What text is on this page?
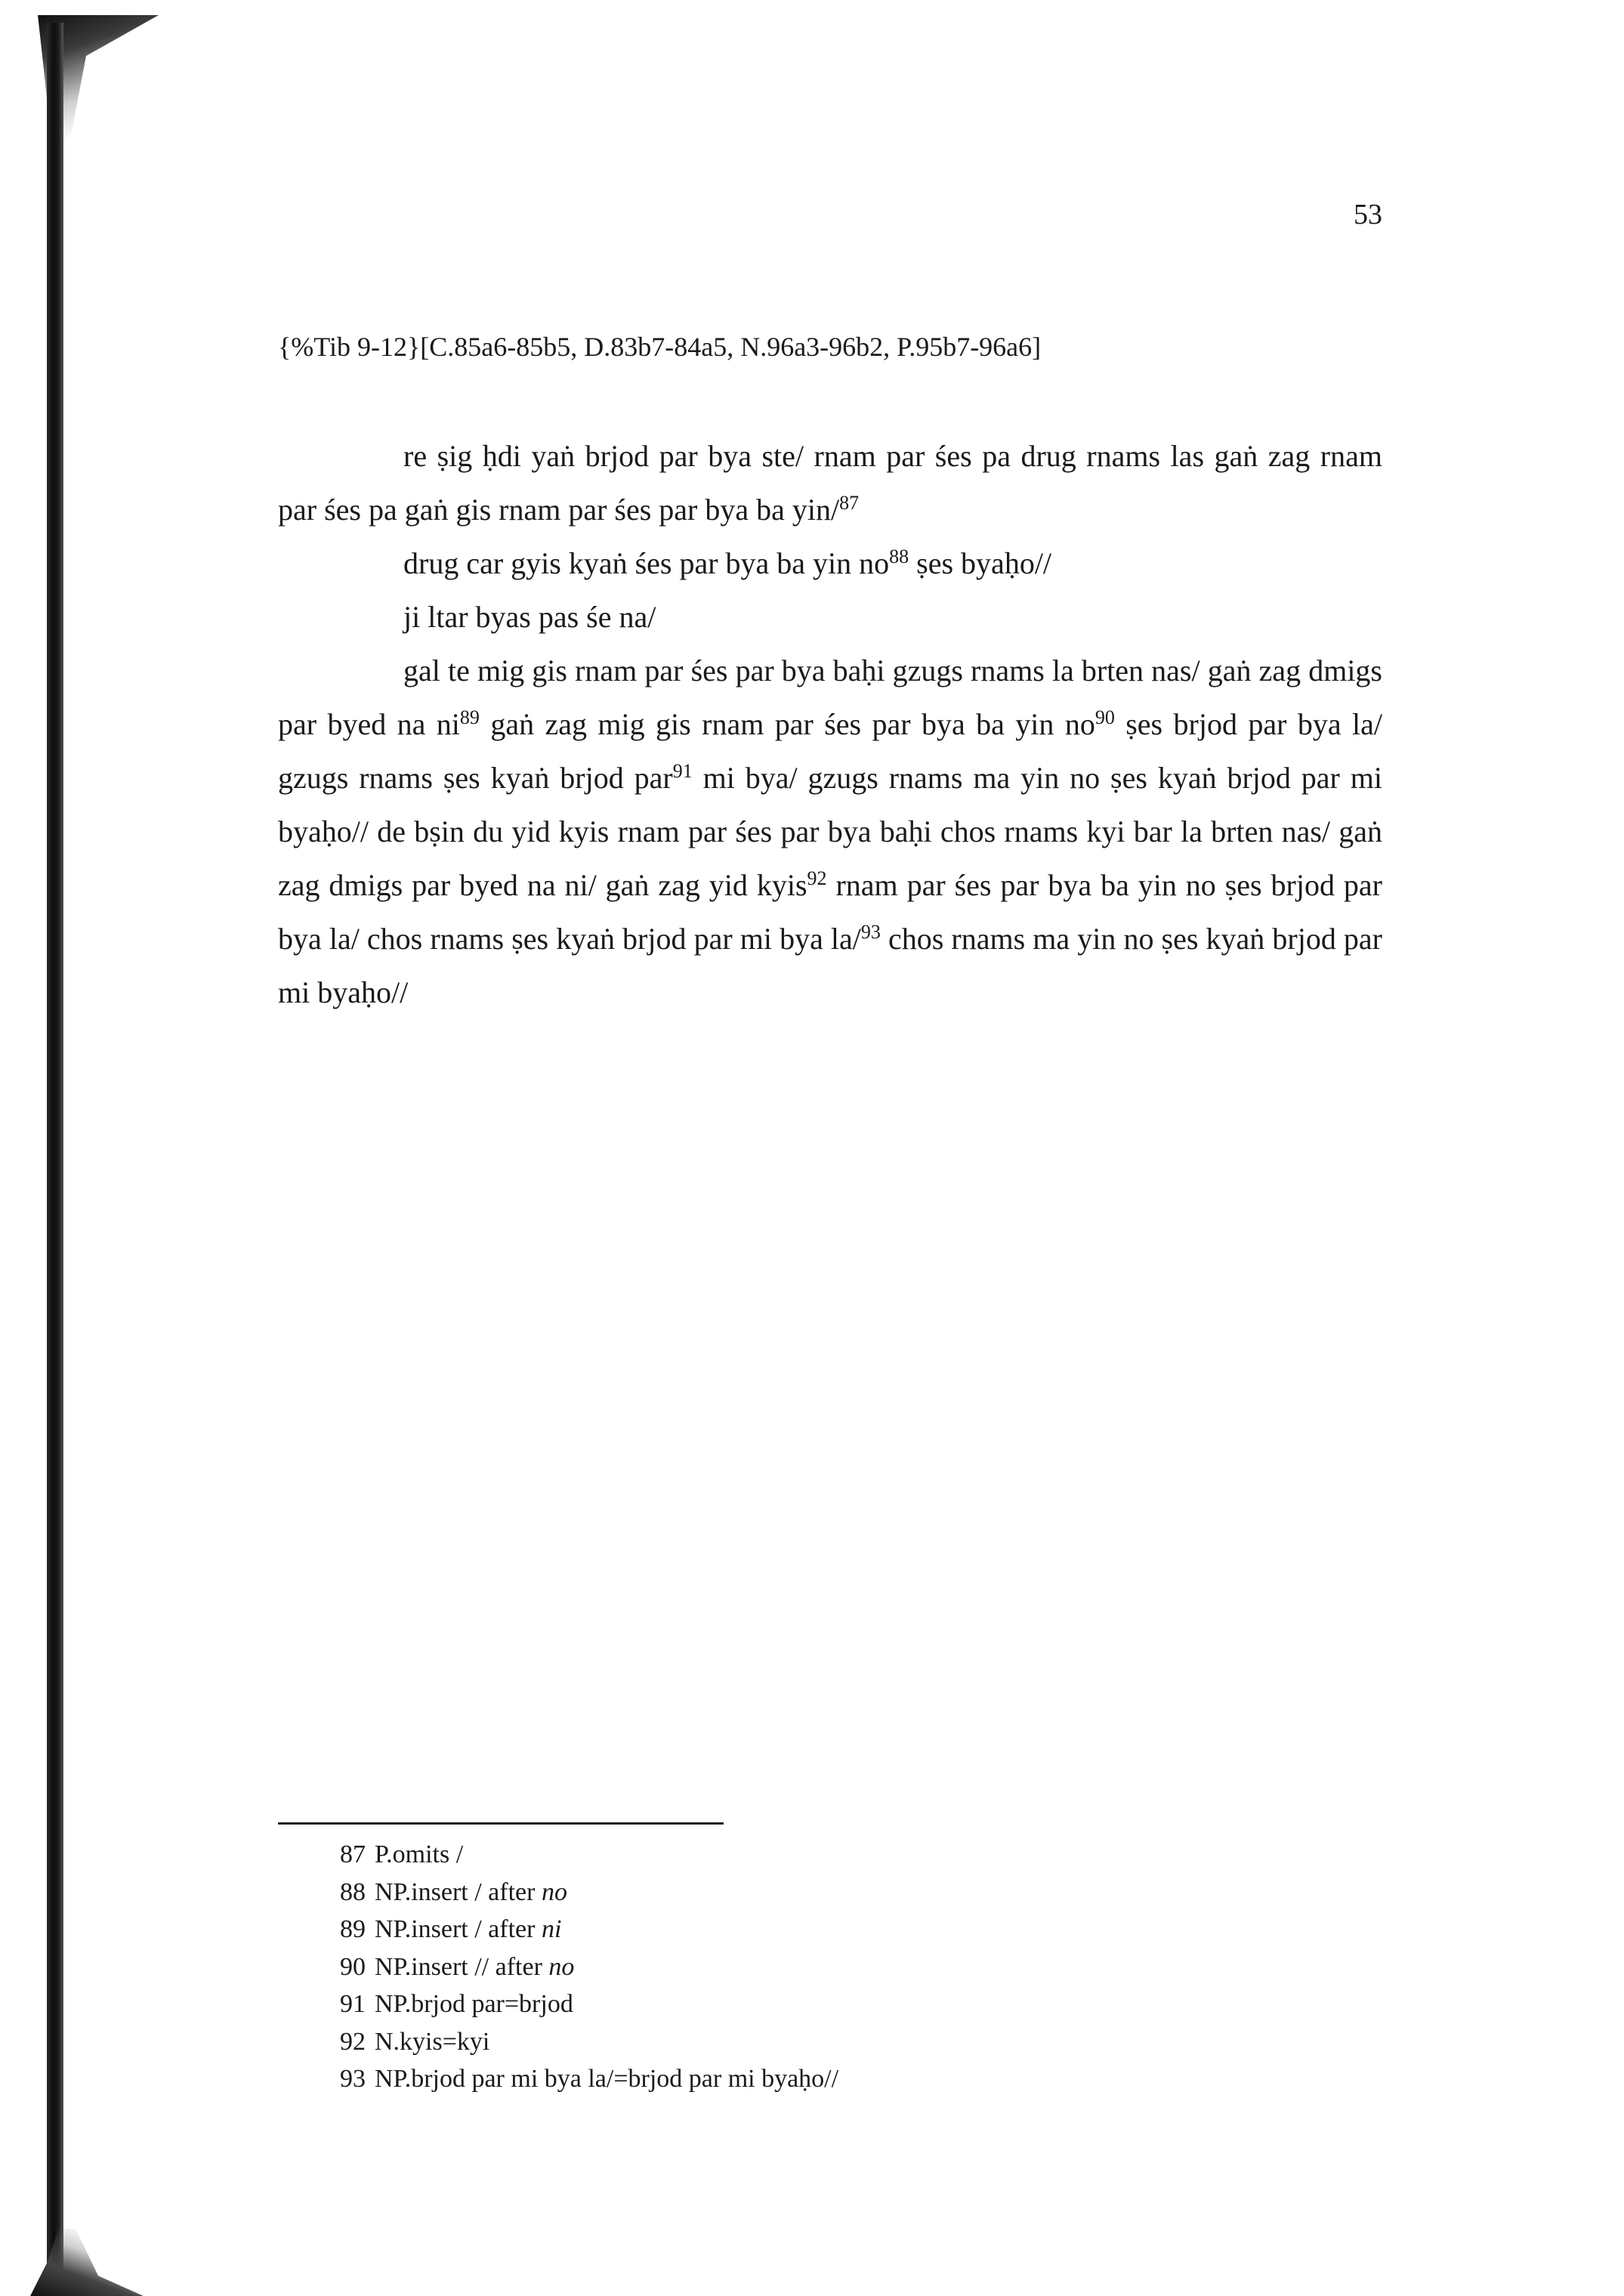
53
{%Tib 9-12}[C.85a6-85b5, D.83b7-84a5, N.96a3-96b2, P.95b7-96a6]

re ṣig ḥdi yaṅ brjod par bya ste/ rnam par śes pa drug rnams las gaṅ zag rnam par śes pa gaṅ gis rnam par śes par bya ba yin/$^{87}$

drug car gyis kyaṅ śes par bya ba yin $no^{88}$ ṣes byaḥo//

ji ltar byas pas śe na/

gal te mig gis rnam par śes par bya baḥi gzugs rnams la brten nas/ gaṅ zag dmigs par byed na $ni^{89}$ gaṅ zag mig gis rnam par śes par bya ba yin $no^{90}$ ṣes brjod par bya la/ gzugs rnams ṣes kyaṅ brjod par$^{91}$ mi bya/ gzugs rnams ma yin no ṣes kyaṅ brjod par mi byaḥo// de bṣin du yid kyis rnam par śes par bya baḥi chos rnams kyi bar la brten nas/ gaṅ zag dmigs par byed na ni/ gaṅ zag yid kyis$^{92}$ rnam par śes par bya ba yin no ṣes brjod par bya la/ chos rnams ṣes kyaṅ brjod par mi bya la/$^{93}$ chos rnams ma yin no ṣes kyaṅ brjod par mi byaḥo//

87 P.omits /
88 NP.insert / after no
89 NP.insert / after ni
90 NP.insert // after no
91 NP.brjod par=brjod
92 N.kyis=kyi
93 NP.brjod par mi bya la/=brjod par mi byaḥo//
